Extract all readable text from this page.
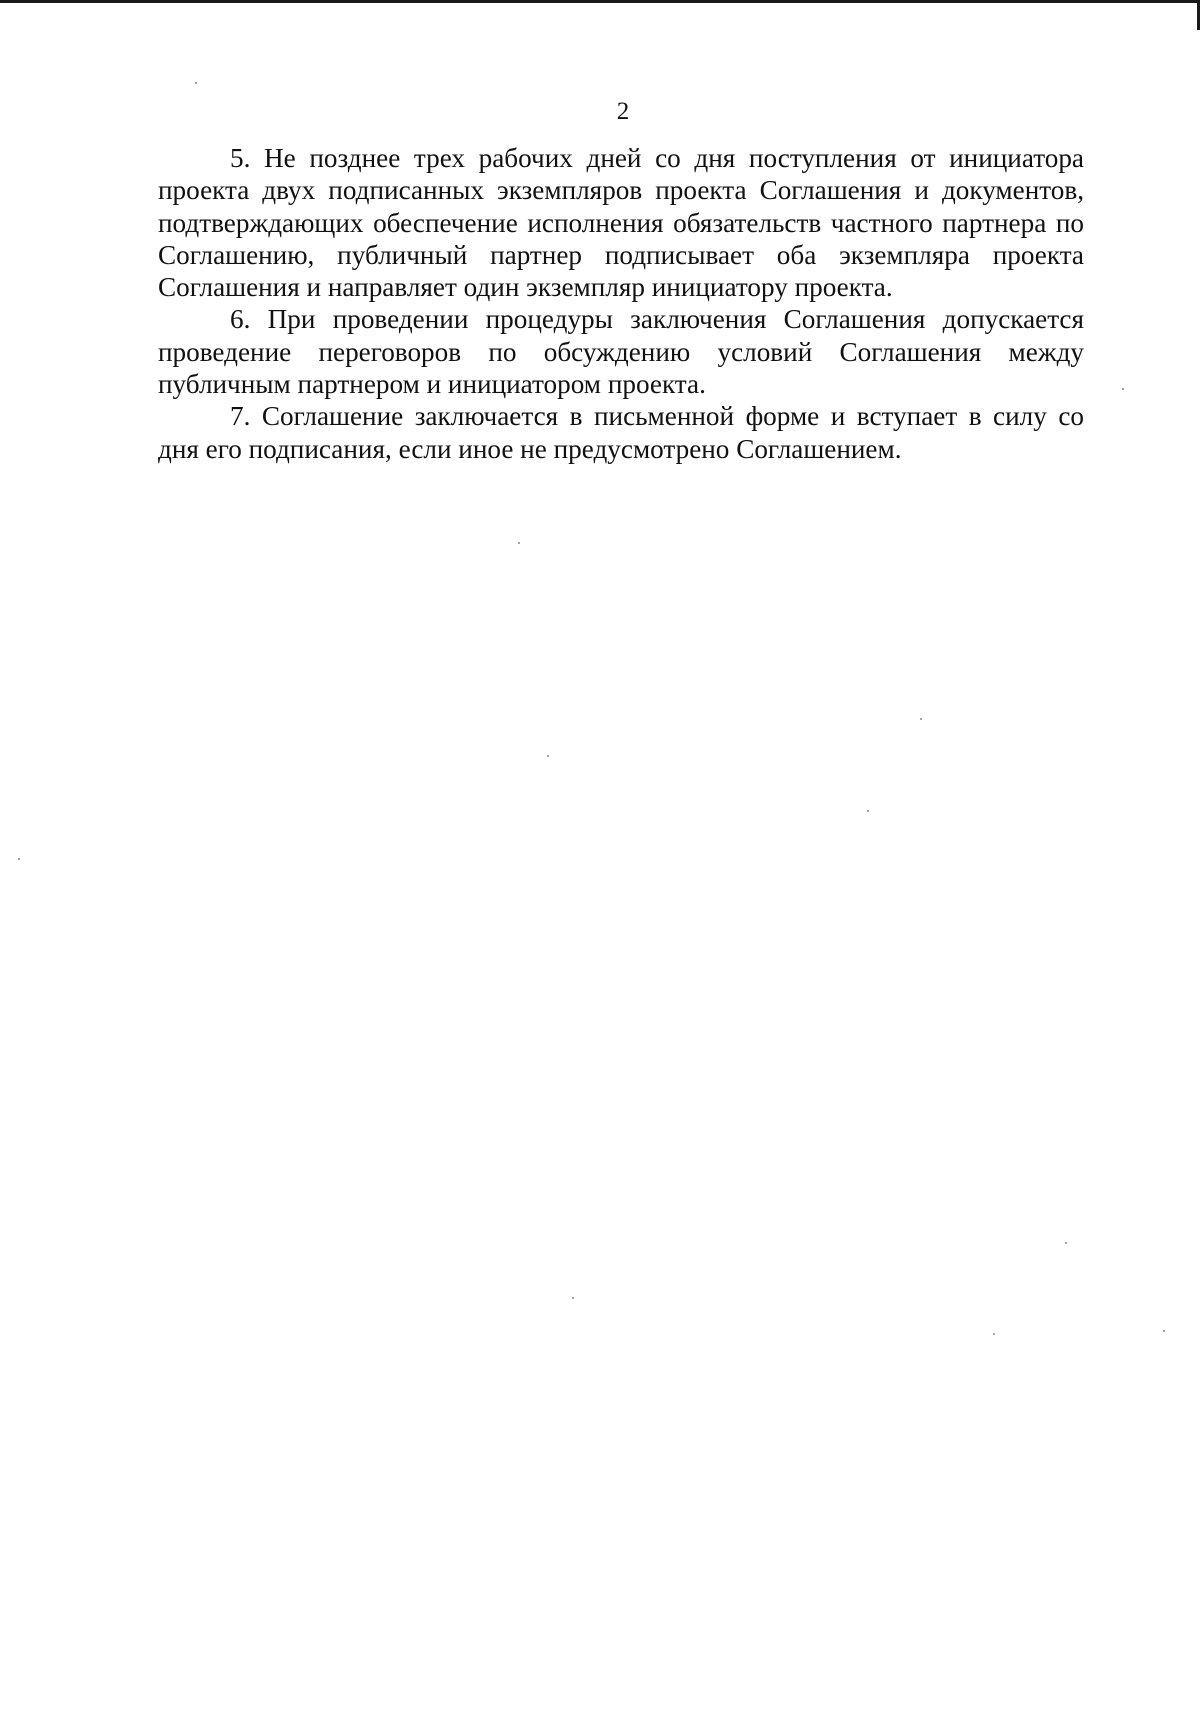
2

5. Не позднее трех рабочих дней со дня поступления от инициатора проекта двух подписанных экземпляров проекта Соглашения и документов, подтверждающих обеспечение исполнения обязательств частного партнера по Соглашению, публичный партнер подписывает оба экземпляра проекта Соглашения и направляет один экземпляр инициатору проекта.

6. При проведении процедуры заключения Соглашения допускается проведение переговоров по обсуждению условий Соглашения между публичным партнером и инициатором проекта.

7. Соглашение заключается в письменной форме и вступает в силу со дня его подписания, если иное не предусмотрено Соглашением.
